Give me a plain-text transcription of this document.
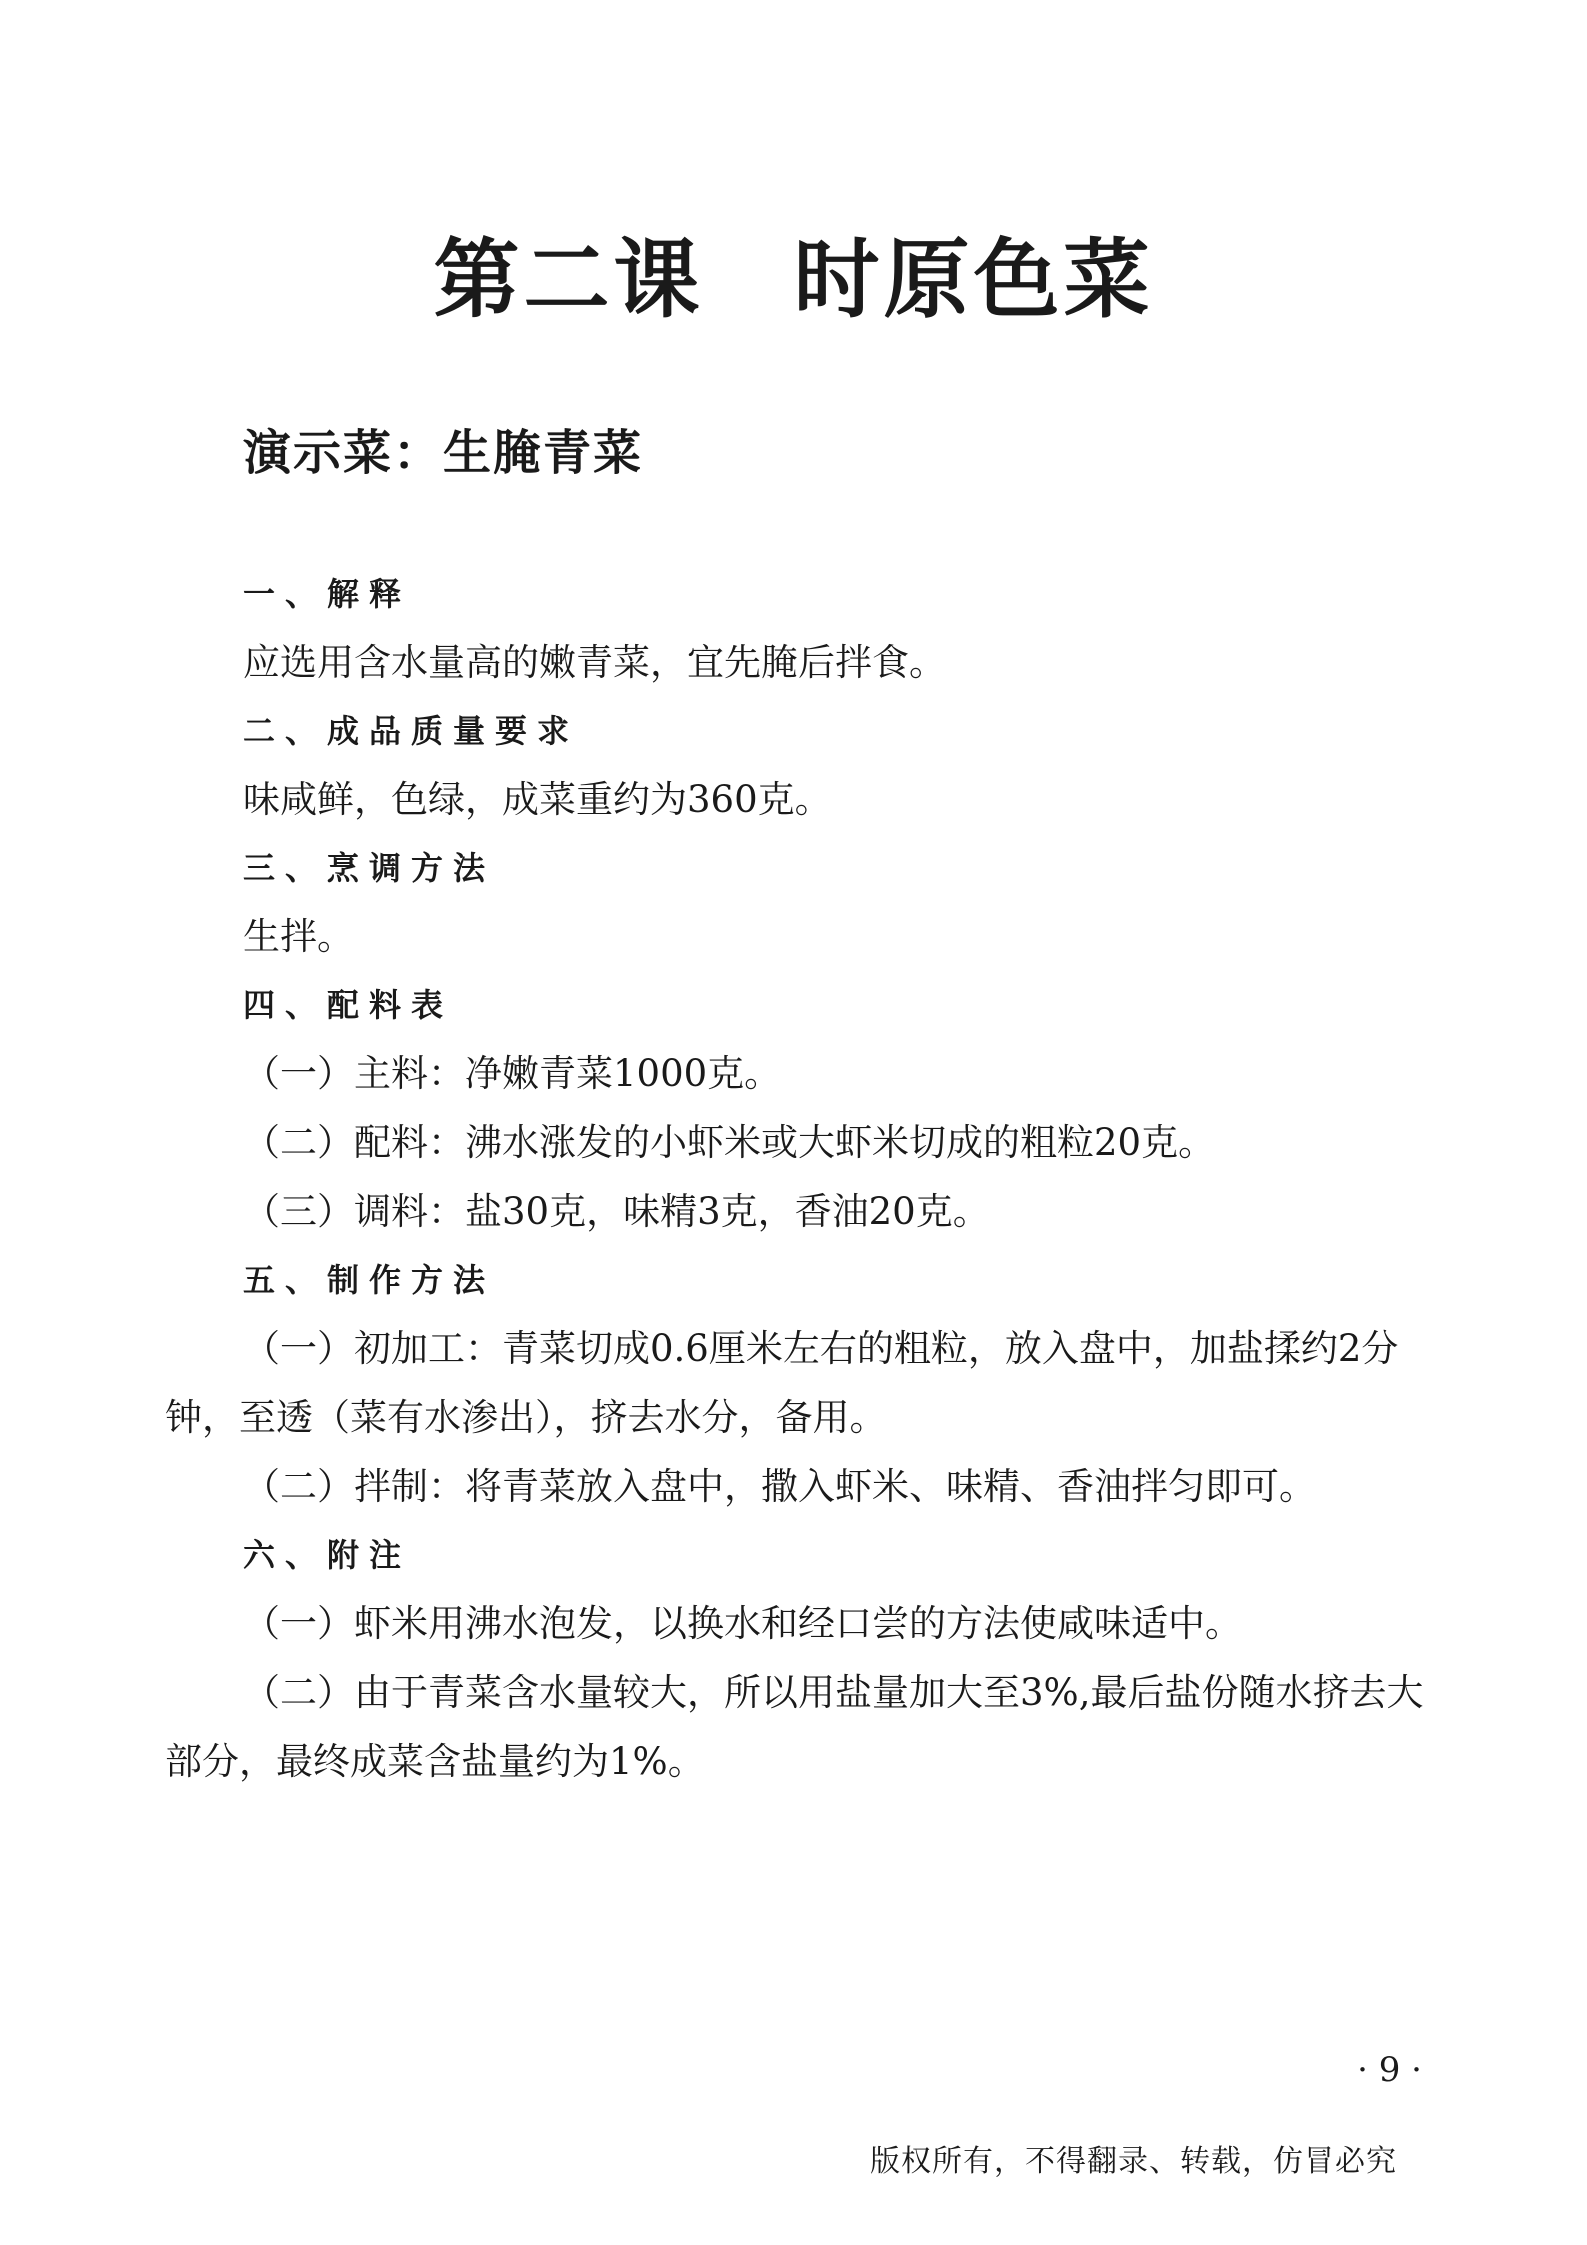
第二课　时原色菜
演示菜：生腌青菜
一、解释

应选用含水量高的嫩青菜，宜先腌后拌食。

二、成品质量要求

味咸鲜，色绿，成菜重约为360克。

三、烹调方法

生拌。

四、配料表

（一）主料：净嫩青菜1000克。

（二）配料：沸水涨发的小虾米或大虾米切成的粗粒20克。

（三）调料：盐30克，味精3克，香油20克。

五、制作方法

（一）初加工：青菜切成0.6厘米左右的粗粒，放入盘中，加盐揉约2分钟，至透（菜有水渗出），挤去水分，备用。

（二）拌制：将青菜放入盘中，撒入虾米、味精、香油拌匀即可。

六、附注

（一）虾米用沸水泡发，以换水和经口尝的方法使咸味适中。

（二）由于青菜含水量较大，所以用盐量加大至3%,最后盐份随水挤去大部分，最终成菜含盐量约为1%。

· 9 ·
版权所有，不得翻录、转载，仿冒必究
